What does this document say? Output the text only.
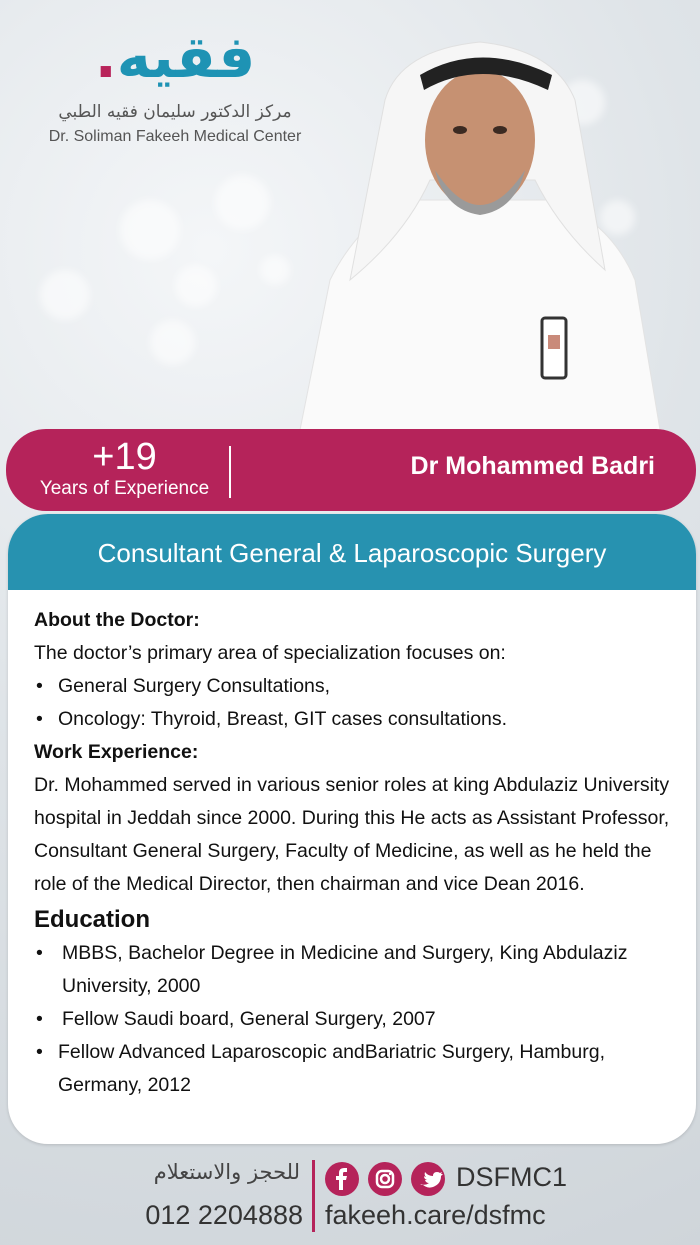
فقيه.
مركز الدكتور سليمان فقيه الطبي
Dr. Soliman Fakeeh Medical Center
+19
Years of Experience
Dr Mohammed Badri
Consultant General & Laparoscopic Surgery
About the Doctor:
The doctor’s primary area of specialization focuses on:
• General Surgery Consultations,
• Oncology: Thyroid, Breast, GIT cases consultations.
Work Experience:
Dr. Mohammed served in various senior roles at king Abdulaziz University hospital in Jeddah since 2000. During this He acts as Assistant Professor, Consultant General Surgery, Faculty of Medicine, as well as he held the role of the Medical Director, then chairman and vice Dean 2016.
Education
• MBBS, Bachelor Degree in Medicine and Surgery, King Abdulaziz University, 2000
• Fellow Saudi board, General Surgery, 2007
• Fellow Advanced Laparoscopic andBariatric Surgery, Hamburg, Germany, 2012
للحجز والاستعلام
012 2204888
DSFMC1
fakeeh.care/dsfmc
